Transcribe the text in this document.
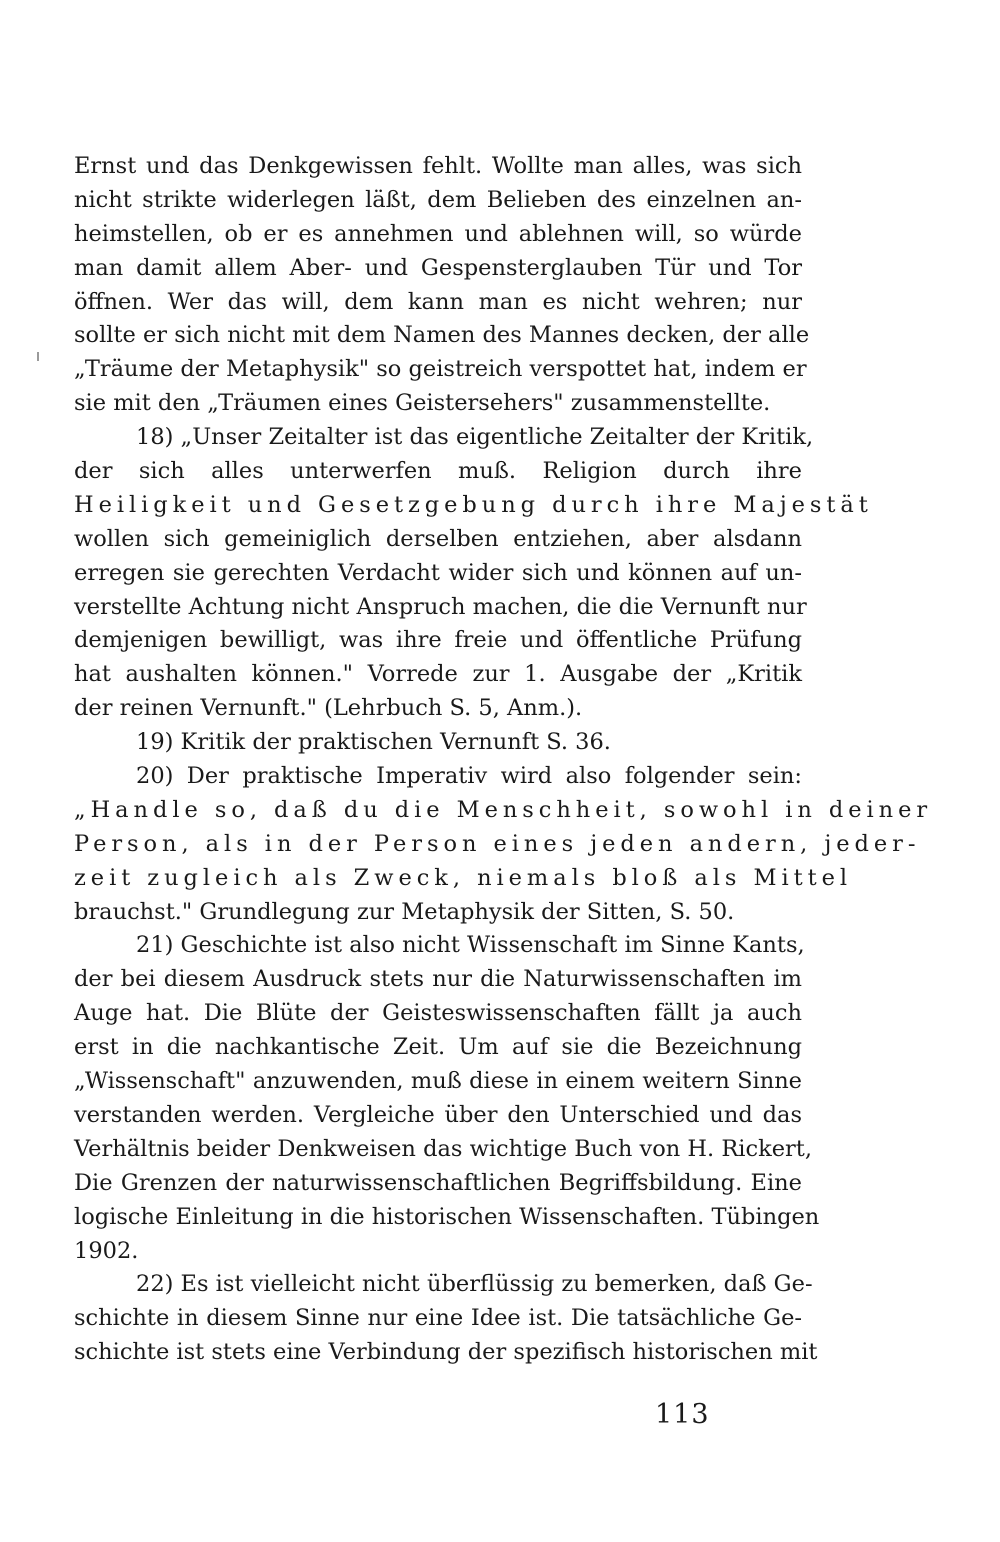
Ernst und das Denkgewissen fehlt. Wollte man alles, was sich
nicht strikte widerlegen läßt, dem Belieben des einzelnen an-
heimstellen, ob er es annehmen und ablehnen will, so würde
man damit allem Aber- und Gespensterglauben Tür und Tor
öffnen. Wer das will, dem kann man es nicht wehren; nur
sollte er sich nicht mit dem Namen des Mannes decken, der alle
„Träume der Metaphysik" so geistreich verspottet hat, indem er
sie mit den „Träumen eines Geistersehers" zusammenstellte.
18) „Unser Zeitalter ist das eigentliche Zeitalter der Kritik,
der sich alles unterwerfen muß. Religion durch ihre
Heiligkeit und Gesetzgebung durch ihre Majestät
wollen sich gemeiniglich derselben entziehen, aber alsdann
erregen sie gerechten Verdacht wider sich und können auf un-
verstellte Achtung nicht Anspruch machen, die die Vernunft nur
demjenigen bewilligt, was ihre freie und öffentliche Prüfung
hat aushalten können." Vorrede zur 1. Ausgabe der „Kritik
der reinen Vernunft." (Lehrbuch S. 5, Anm.).
19) Kritik der praktischen Vernunft S. 36.
20) Der praktische Imperativ wird also folgender sein:
„Handle so, daß du die Menschheit, sowohl in deiner
Person, als in der Person eines jeden andern, jeder-
zeit zugleich als Zweck, niemals bloß als Mittel
brauchst." Grundlegung zur Metaphysik der Sitten, S. 50.
21) Geschichte ist also nicht Wissenschaft im Sinne Kants,
der bei diesem Ausdruck stets nur die Naturwissenschaften im
Auge hat. Die Blüte der Geisteswissenschaften fällt ja auch
erst in die nachkantische Zeit. Um auf sie die Bezeichnung
„Wissenschaft" anzuwenden, muß diese in einem weitern Sinne
verstanden werden. Vergleiche über den Unterschied und das
Verhältnis beider Denkweisen das wichtige Buch von H. Rickert,
Die Grenzen der naturwissenschaftlichen Begriffsbildung. Eine
logische Einleitung in die historischen Wissenschaften. Tübingen
1902.
22) Es ist vielleicht nicht überflüssig zu bemerken, daß Ge-
schichte in diesem Sinne nur eine Idee ist. Die tatsächliche Ge-
schichte ist stets eine Verbindung der spezifisch historischen mit
113
